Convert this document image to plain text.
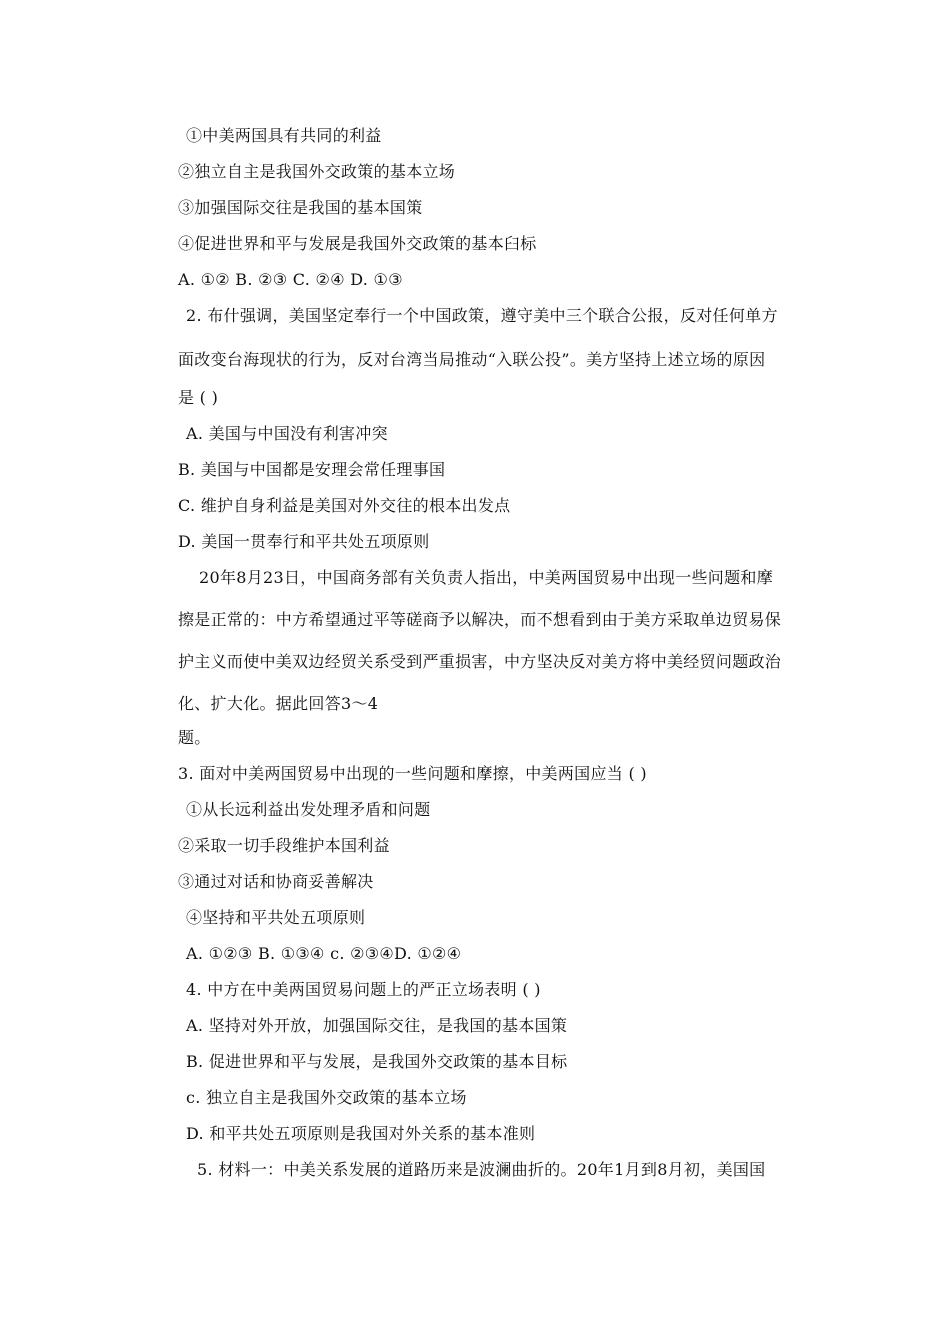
①中美两国具有共同的利益
②独立自主是我国外交政策的基本立场
③加强国际交往是我国的基本国策
④促进世界和平与发展是我国外交政策的基本臼标
A. ①② B. ②③ C. ②④ D. ①③
2. 布什强调，美国坚定奉行一个中国政策，遵守美中三个联合公报，反对任何单方
面改变台海现状的行为，反对台湾当局推动“入联公投”。美方坚持上述立场的原因
是 ( )
A. 美国与中国没有利害冲突
B. 美国与中国都是安理会常任理事国
C. 维护自身利益是美国对外交往的根本出发点
D. 美国一贯奉行和平共处五项原则
20年8月23日，中国商务部有关负责人指出，中美两国贸易中出现一些问题和摩
擦是正常的：中方希望通过平等磋商予以解决，而不想看到由于美方采取单边贸易保
护主义而使中美双边经贸关系受到严重损害，中方坚决反对美方将中美经贸问题政治
化、扩大化。据此回答3～4
题。
3. 面对中美两国贸易中出现的一些问题和摩擦，中美两国应当 ( )
①从长远利益出发处理矛盾和问题
②采取一切手段维护本国利益
③通过对话和协商妥善解决
④坚持和平共处五项原则
A. ①②③ B. ①③④ c. ②③④D. ①②④
4. 中方在中美两国贸易问题上的严正立场表明 ( )
A. 坚持对外开放，加强国际交往，是我国的基本国策
B. 促进世界和平与发展，是我国外交政策的基本目标
c. 独立自主是我国外交政策的基本立场
D. 和平共处五项原则是我国对外关系的基本准则
5. 材料一：中美关系发展的道路历来是波澜曲折的。20年1月到8月初，美国国
